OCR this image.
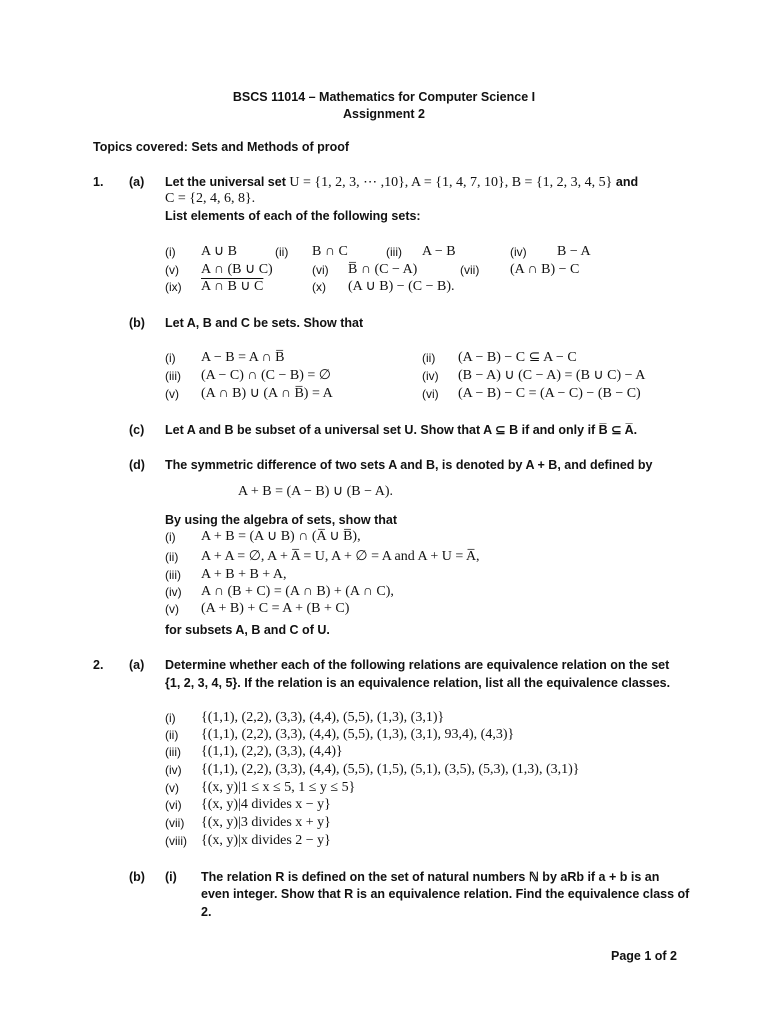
BSCS 11014 – Mathematics for Computer Science I
Assignment 2
Topics covered: Sets and Methods of proof
1. (a) Let the universal set U = {1, 2, 3, ⋯ ,10}, A = {1, 4, 7, 10}, B = {1, 2, 3, 4, 5} and
C = {2, 4, 6, 8}.
List elements of each of the following sets:
(i) A ∪ B	(ii) B ∩ C	(iii) A − B	(iv) B − A
(v) A ∩ (B ∪ C)	(vi) B̅ ∩ (C − A)	(vii) (A ∩ B) − C
(ix) A ∩ B ∪ C	(x) (A ∪ B) − (C − B).
(b) Let A, B and C be sets. Show that
(i) A − B = A ∩ B̅	(ii) (A − B) − C ⊆ A − C
(iii) (A − C) ∩ (C − B) = ∅	(iv) (B − A) ∪ (C − A) = (B ∪ C) − A
(v) (A ∩ B) ∪ (A ∩ B̅) = A	(vi) (A − B) − C = (A − C) − (B − C)
(c) Let A and B be subset of a universal set U. Show that A ⊆ B if and only if B̅ ⊆ A̅.
(d) The symmetric difference of two sets A and B, is denoted by A + B, and defined by
A + B = (A − B) ∪ (B − A).
By using the algebra of sets, show that
(i) A + B = (A ∪ B) ∩ (A̅ ∪ B̅),
(ii) A + A = ∅, A + A̅ = U, A + ∅ = A and A + U = A̅,
(iii) A + B + B + A,
(iv) A ∩ (B + C) = (A ∩ B) + (A ∩ C),
(v) (A + B) + C = A + (B + C)
for subsets A, B and C of U.
2. (a) Determine whether each of the following relations are equivalence relation on the set
{1, 2, 3, 4, 5}. If the relation is an equivalence relation, list all the equivalence classes.
(i) {(1,1), (2,2), (3,3), (4,4), (5,5), (1,3), (3,1)}
(ii) {(1,1), (2,2), (3,3), (4,4), (5,5), (1,3), (3,1), 93,4), (4,3)}
(iii) {(1,1), (2,2), (3,3), (4,4)}
(iv) {(1,1), (2,2), (3,3), (4,4), (5,5), (1,5), (5,1), (3,5), (5,3), (1,3), (3,1)}
(v) {(x, y)|1 ≤ x ≤ 5, 1 ≤ y ≤ 5}
(vi) {(x, y)|4 divides x − y}
(vii) {(x, y)|3 divides x + y}
(viii) {(x, y)|x divides 2 − y}
(b) (i) The relation R is defined on the set of natural numbers ℕ by aRb if a + b is an
even integer. Show that R is an equivalence relation. Find the equivalence class of
2.
Page 1 of 2
